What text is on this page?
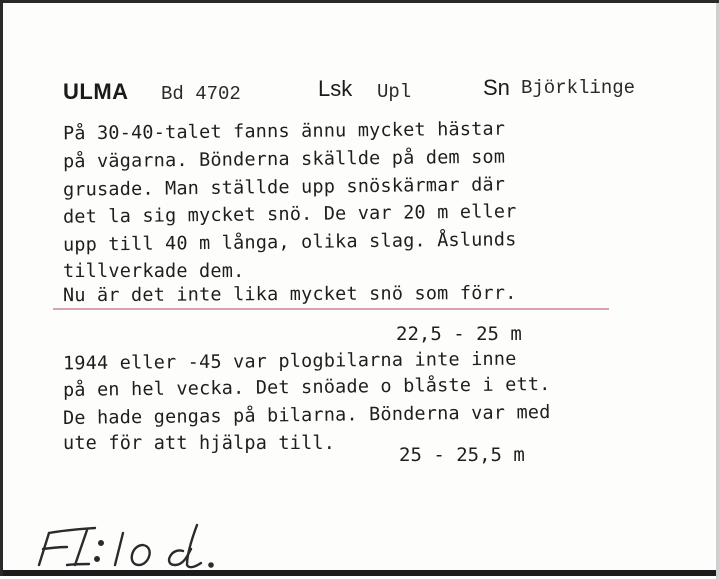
ULMA Bd 4702	Lsk Upl	Sn Björklinge
På 30-40-talet fanns ännu mycket hästar
på vägarna. Bönderna skällde på dem som
grusade. Man ställde upp snöskärmar där
det la sig mycket snö. De var 20 m eller
upp till 40 m långa, olika slag. Åslunds
tillverkade dem.
Nu är det inte lika mycket snö som förr.
22,5 - 25 m
1944 eller -45 var plogbilarna inte inne
på en hel vecka. Det snöade o blåste i ett.
De hade gengas på bilarna. Bönderna var med
ute för att hjälpa till.
25 - 25,5 m
